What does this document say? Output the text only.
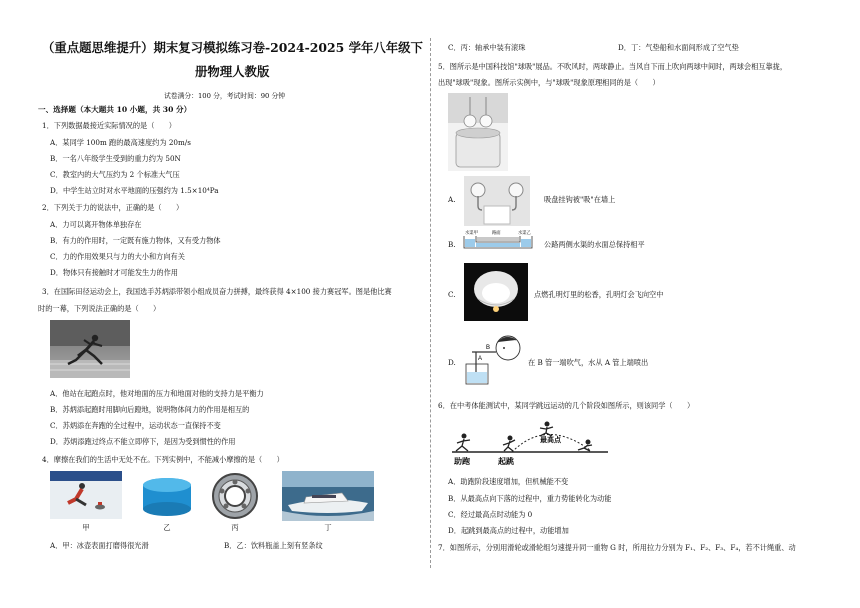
（重点题思维提升）期末复习模拟练习卷-2024-2025 学年八年级下
册物理人教版
试卷满分：100 分，考试时间：90 分钟
一、选择题（本大题共 10 小题，共 30 分）
1．下列数据最接近实际情况的是（　　）
A．某同学 100m 跑的最高速度约为 20m/s
B．一名八年级学生受到的重力约为 50N
C．教室内的大气压约为 2 个标准大气压
D．中学生站立时对水平地面的压强约为 1.5×10⁴Pa
2．下列关于力的说法中，正确的是（　　）
A．力可以离开物体单独存在
B．有力的作用时，一定既有施力物体，又有受力物体
C．力的作用效果只与力的大小和方向有关
D．物体只有接触时才可能发生力的作用
3．在国际田径运动会上，我国选手苏炳添带领小组成员奋力拼搏，最终获得 4×100 接力赛冠军。图是他比赛
时的一幕，下列说法正确的是（　　）
A．他站在起跑点时，他对地面的压力和地面对他的支持力是平衡力
B．苏炳添起跑时用脚向后蹬地，说明物体间力的作用是相互的
C．苏炳添在奔跑的全过程中，运动状态一直保持不变
D．苏炳添跑过终点不能立即停下，是因为受到惯性的作用
4．摩擦在我们的生活中无处不在。下列实例中，不能减小摩擦的是（　　）
甲	乙	丙	丁
A．甲：冰壶表面打磨得很光滑	B．乙：饮料瓶盖上刻有竖条纹
C．丙：轴承中装有滚珠	D．丁：气垫船和水面间形成了空气垫
5．图所示是中国科技馆"球吸"展品。不吹风时，两球静止。当风自下而上吹向两球中间时，两球会相互靠拢，
出现"球吸"现象。图所示实例中，与"球吸"现象原理相同的是（　　）
A.	吸盘挂钩被"吸"在墙上
B.
水渠甲	路面	水渠乙
公路两侧水渠的水面总保持相平
C.	点燃孔明灯里的松香，孔明灯会飞向空中
D.
B
A	在 B 管一端吹气，水从 A 管上端喷出
6．在中考体能测试中，某同学跳远运动的几个阶段如图所示，则该同学（　　）
助跑	起跳
最高点
A．助跑阶段速度增加，但机械能不变
B．从最高点向下落的过程中，重力势能转化为动能
C．经过最高点时动能为 0
D．起跳到最高点的过程中，动能增加
7．如图所示，分别用滑轮或滑轮组匀速提升同一重物 G 时，所用拉力分别为 F₁、F₂、F₃、F₄，若不计绳重、动
